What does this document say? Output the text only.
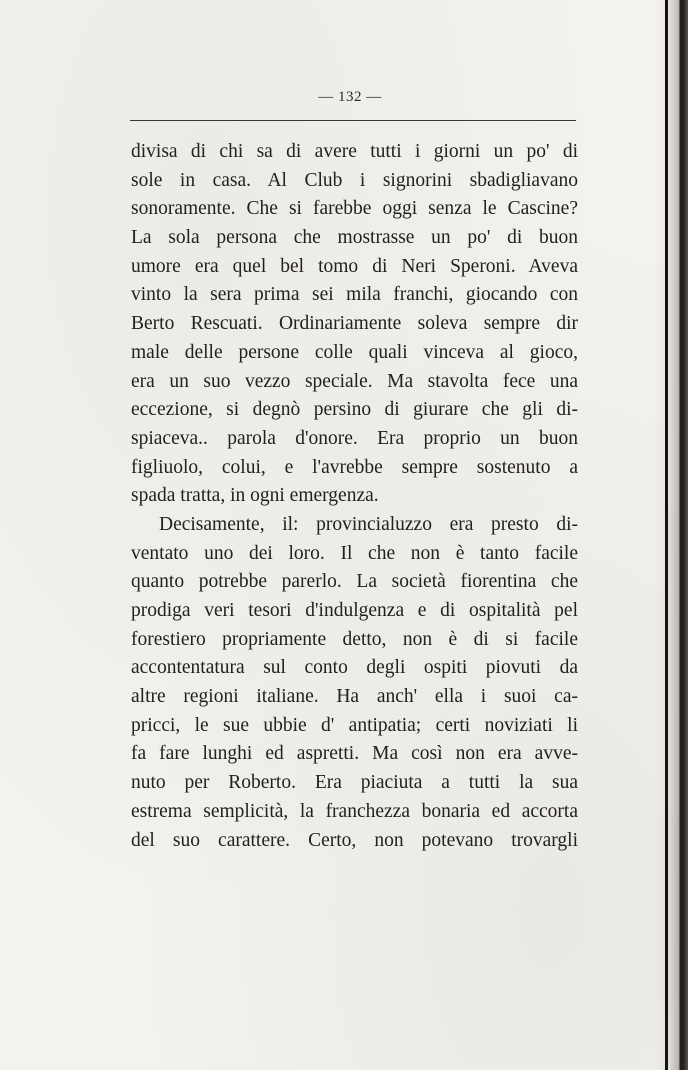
— 132 —
divisa di chi sa di avere tutti i giorni un po' di
sole in casa. Al Club i signorini sbadigliavano
sonoramente. Che si farebbe oggi senza le Cascine?
La sola persona che mostrasse un po' di buon
umore era quel bel tomo di Neri Speroni. Aveva
vinto la sera prima sei mila franchi, giocando con
Berto Rescuati. Ordinariamente soleva sempre dir
male delle persone colle quali vinceva al gioco,
era un suo vezzo speciale. Ma stavolta fece una
eccezione, si degnò persino di giurare che gli di-
spiaceva.. parola d'onore. Era proprio un buon
figliuolo, colui, e l'avrebbe sempre sostenuto a
spada tratta, in ogni emergenza.
Decisamente, il: provincialuzzo era presto di-
ventato uno dei loro. Il che non è tanto facile
quanto potrebbe parerlo. La società fiorentina che
prodiga veri tesori d'indulgenza e di ospitalità pel
forestiero propriamente detto, non è di si facile
accontentatura sul conto degli ospiti piovuti da
altre regioni italiane. Ha anch' ella i suoi ca-
pricci, le sue ubbie d' antipatia; certi noviziati li
fa fare lunghi ed aspretti. Ma così non era avve-
nuto per Roberto. Era piaciuta a tutti la sua
estrema semplicità, la franchezza bonaria ed accorta
del suo carattere. Certo, non potevano trovargli
